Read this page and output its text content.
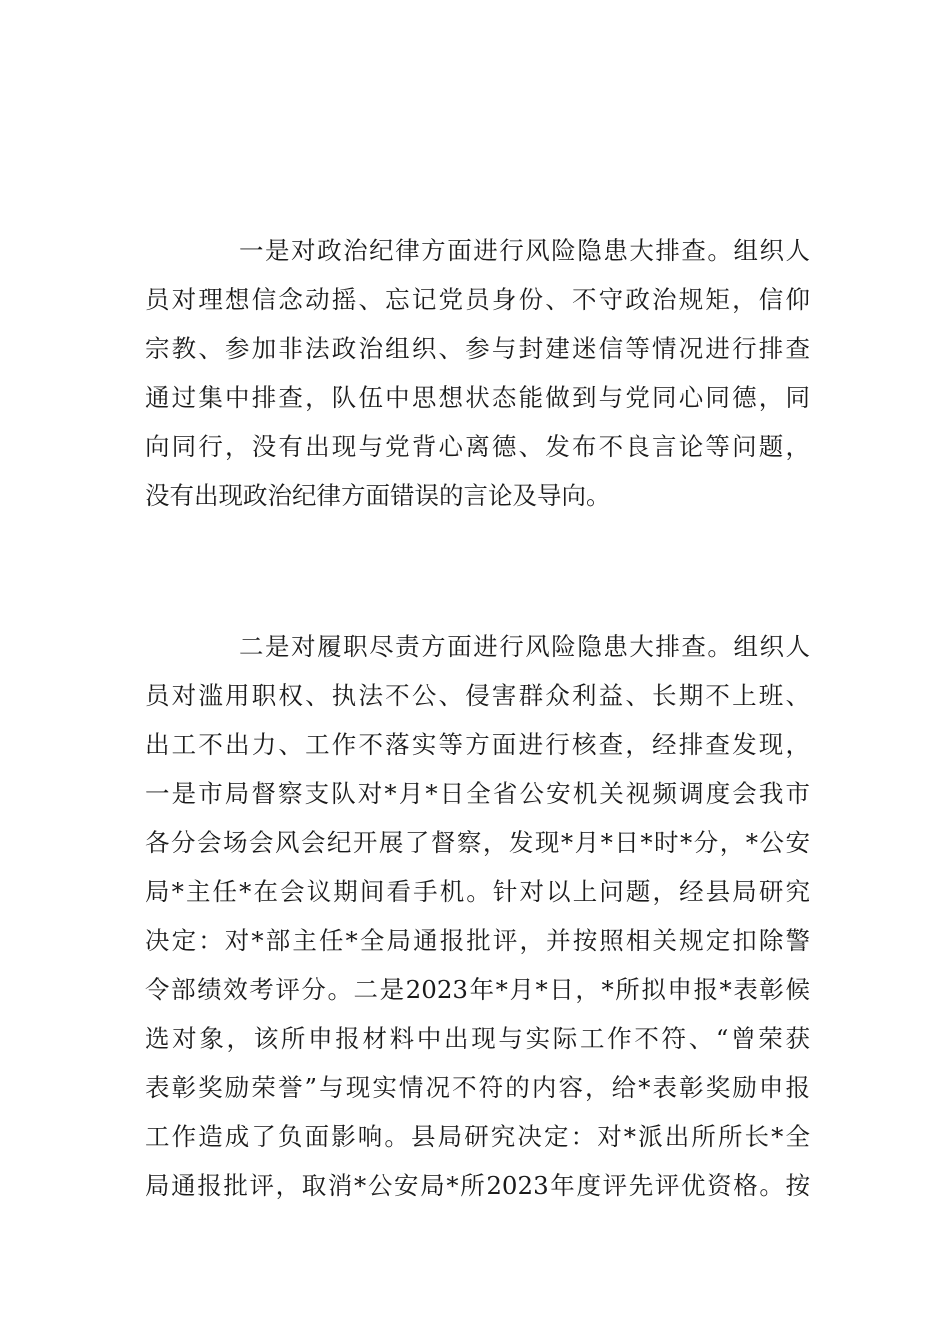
一是对政治纪律方面进行风险隐患大排查。组织人
员对理想信念动摇、忘记党员身份、不守政治规矩，信仰
宗教、参加非法政治组织、参与封建迷信等情况进行排查
通过集中排查，队伍中思想状态能做到与党同心同德，同
向同行，没有出现与党背心离德、发布不良言论等问题，
没有出现政治纪律方面错误的言论及导向。
二是对履职尽责方面进行风险隐患大排查。组织人
员对滥用职权、执法不公、侵害群众利益、长期不上班、
出工不出力、工作不落实等方面进行核查，经排查发现，
一是市局督察支队对*月*日全省公安机关视频调度会我市
各分会场会风会纪开展了督察，发现*月*日*时*分，*公安
局*主任*在会议期间看手机。针对以上问题，经县局研究
决定：对*部主任*全局通报批评，并按照相关规定扣除警
令部绩效考评分。二是2023年*月*日，*所拟申报*表彰候
选对象，该所申报材料中出现与实际工作不符、“曾荣获
表彰奖励荣誉”与现实情况不符的内容，给*表彰奖励申报
工作造成了负面影响。县局研究决定：对*派出所所长*全
局通报批评，取消*公安局*所2023年度评先评优资格。按
